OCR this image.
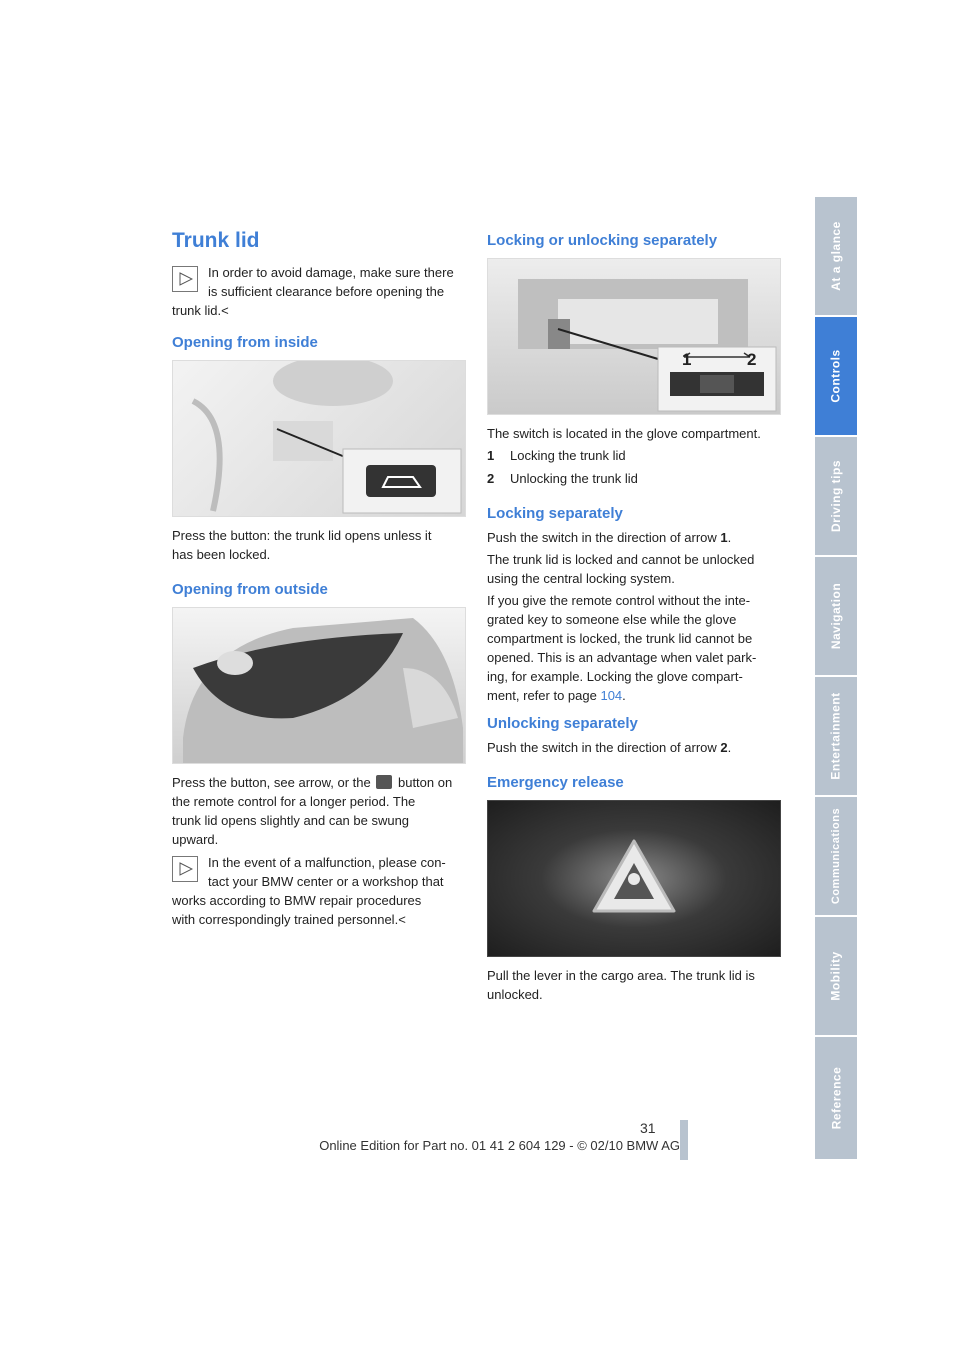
Trunk lid
In order to avoid damage, make sure there
is sufficient clearance before opening the
trunk lid.<
Opening from inside
Press the button: the trunk lid opens unless it
has been locked.
Opening from outside
Press the button, see arrow, or the button on
the remote control for a longer period. The
trunk lid opens slightly and can be swung
upward.
In the event of a malfunction, please con-
tact your BMW center or a workshop that
works according to BMW repair procedures
with correspondingly trained personnel.<
Locking or unlocking separately
1	2
The switch is located in the glove compartment.
1 Locking the trunk lid
2 Unlocking the trunk lid
Locking separately
Push the switch in the direction of arrow 1.
The trunk lid is locked and cannot be unlocked
using the central locking system.
If you give the remote control without the inte-
grated key to someone else while the glove
compartment is locked, the trunk lid cannot be
opened. This is an advantage when valet park-
ing, for example. Locking the glove compart-
ment, refer to page 104.
Unlocking separately
Push the switch in the direction of arrow 2.
Emergency release
Pull the lever in the cargo area. The trunk lid is
unlocked.
At a glance
Controls
Driving tips
Navigation
Entertainment
Communications
Mobility
Reference
31
Online Edition for Part no. 01 41 2 604 129 - © 02/10 BMW AG
